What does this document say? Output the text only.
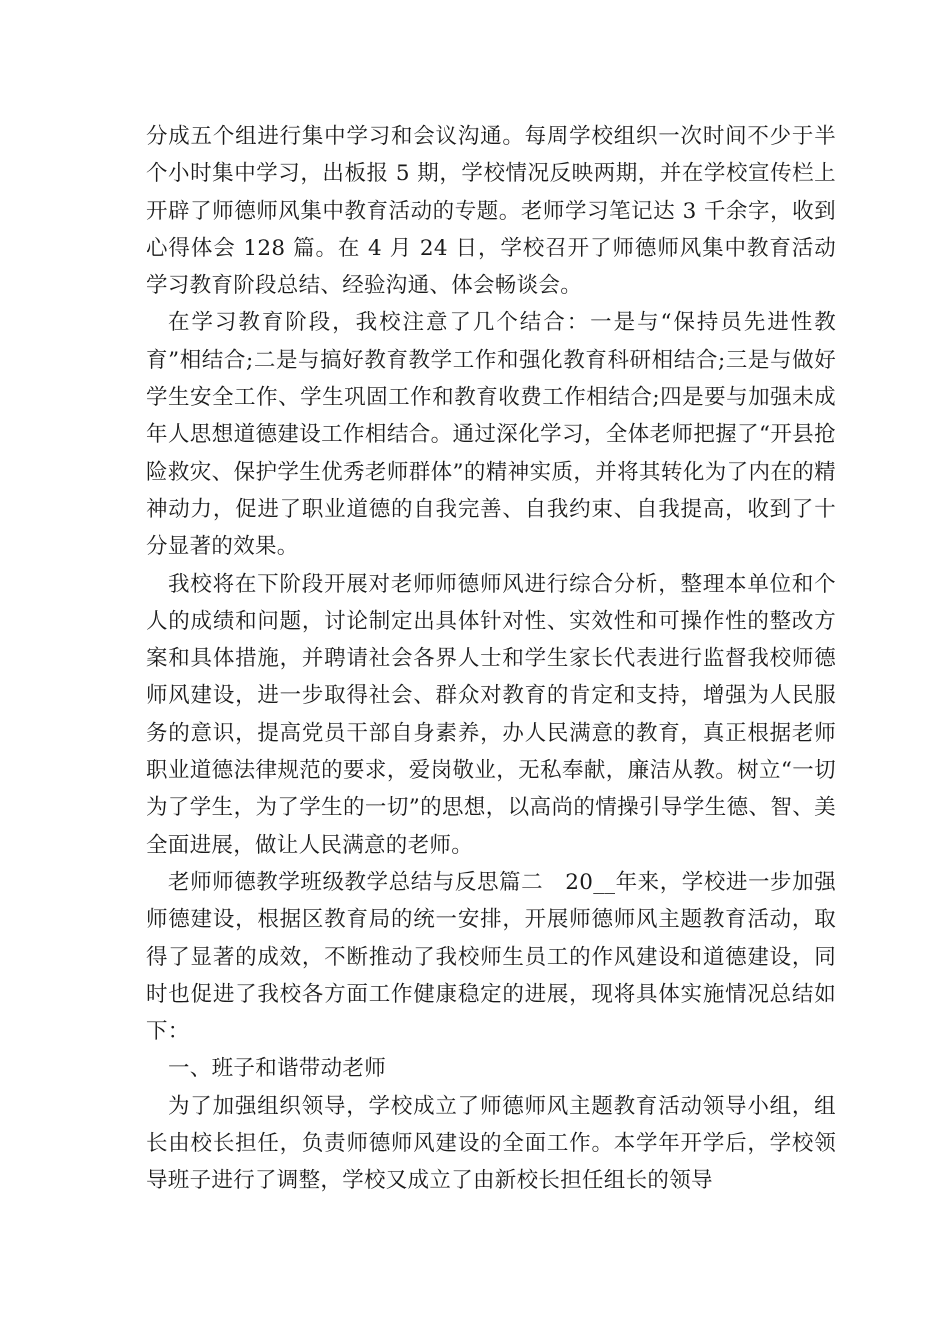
分成五个组进行集中学习和会议沟通。每周学校组织一次时间不少于半个小时集中学习，出板报 5 期，学校情况反映两期，并在学校宣传栏上开辟了师德师风集中教育活动的专题。老师学习笔记达 3 千余字，收到心得体会 128 篇。在 4 月 24 日，学校召开了师德师风集中教育活动学习教育阶段总结、经验沟通、体会畅谈会。

在学习教育阶段，我校注意了几个结合：一是与“保持员先进性教育”相结合;二是与搞好教育教学工作和强化教育科研相结合;三是与做好学生安全工作、学生巩固工作和教育收费工作相结合;四是要与加强未成年人思想道德建设工作相结合。通过深化学习，全体老师把握了“开县抢险救灾、保护学生优秀老师群体”的精神实质，并将其转化为了内在的精神动力，促进了职业道德的自我完善、自我约束、自我提高，收到了十分显著的效果。

我校将在下阶段开展对老师师德师风进行综合分析，整理本单位和个人的成绩和问题，讨论制定出具体针对性、实效性和可操作性的整改方案和具体措施，并聘请社会各界人士和学生家长代表进行监督我校师德师风建设，进一步取得社会、群众对教育的肯定和支持，增强为人民服务的意识，提高党员干部自身素养，办人民满意的教育，真正根据老师职业道德法律规范的要求，爱岗敬业，无私奉献，廉洁从教。树立“一切为了学生，为了学生的一切”的思想，以高尚的情操引导学生德、智、美全面进展，做让人民满意的老师。

老师师德教学班级教学总结与反思篇二　20__年来，学校进一步加强师德建设，根据区教育局的统一安排，开展师德师风主题教育活动，取得了显著的成效，不断推动了我校师生员工的作风建设和道德建设，同时也促进了我校各方面工作健康稳定的进展，现将具体实施情况总结如下：

一、班子和谐带动老师

为了加强组织领导，学校成立了师德师风主题教育活动领导小组，组长由校长担任，负责师德师风建设的全面工作。本学年开学后，学校领导班子进行了调整，学校又成立了由新校长担任组长的领导
